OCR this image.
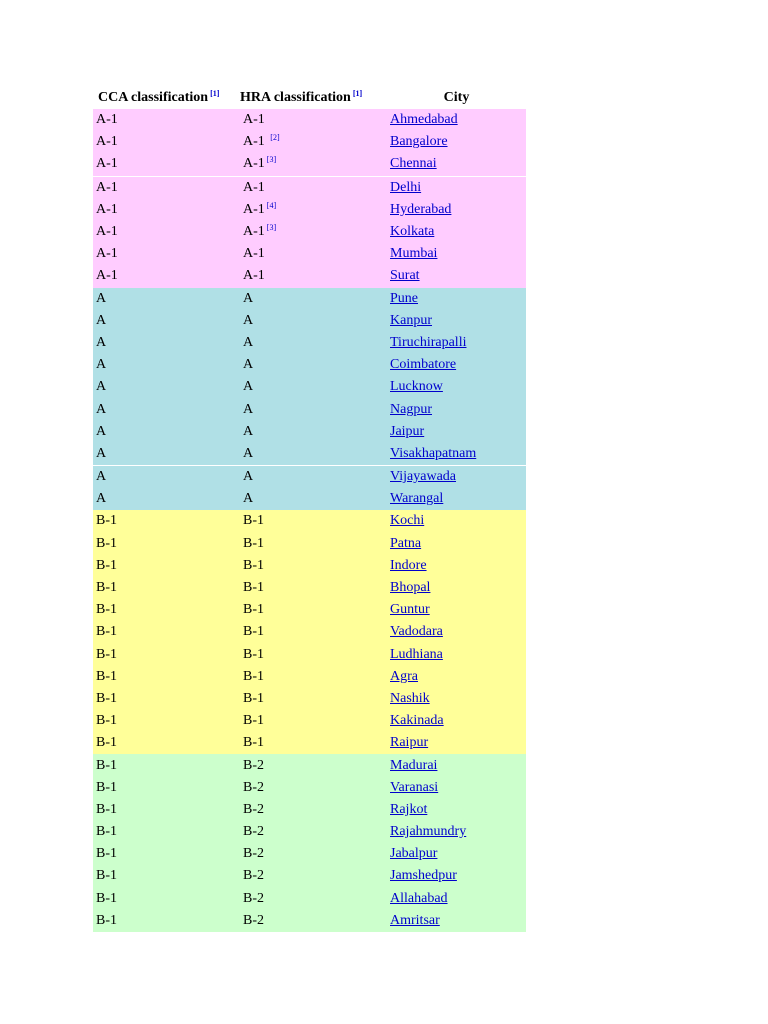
CCA classification [1]	HRA classification [1]	City
A-1	A-1	Ahmedabad
A-1	A-1 [2]	Bangalore
A-1	A-1 [3]	Chennai
A-1	A-1	Delhi
A-1	A-1 [4]	Hyderabad
A-1	A-1 [3]	Kolkata
A-1	A-1	Mumbai
A-1	A-1	Surat
A	A	Pune
A	A	Kanpur
A	A	Tiruchirapalli
A	A	Coimbatore
A	A	Lucknow
A	A	Nagpur
A	A	Jaipur
A	A	Visakhapatnam
A	A	Vijayawada
A	A	Warangal
B-1	B-1	Kochi
B-1	B-1	Patna
B-1	B-1	Indore
B-1	B-1	Bhopal
B-1	B-1	Guntur
B-1	B-1	Vadodara
B-1	B-1	Ludhiana
B-1	B-1	Agra
B-1	B-1	Nashik
B-1	B-1	Kakinada
B-1	B-1	Raipur
B-1	B-2	Madurai
B-1	B-2	Varanasi
B-1	B-2	Rajkot
B-1	B-2	Rajahmundry
B-1	B-2	Jabalpur
B-1	B-2	Jamshedpur
B-1	B-2	Allahabad
B-1	B-2	Amritsar
